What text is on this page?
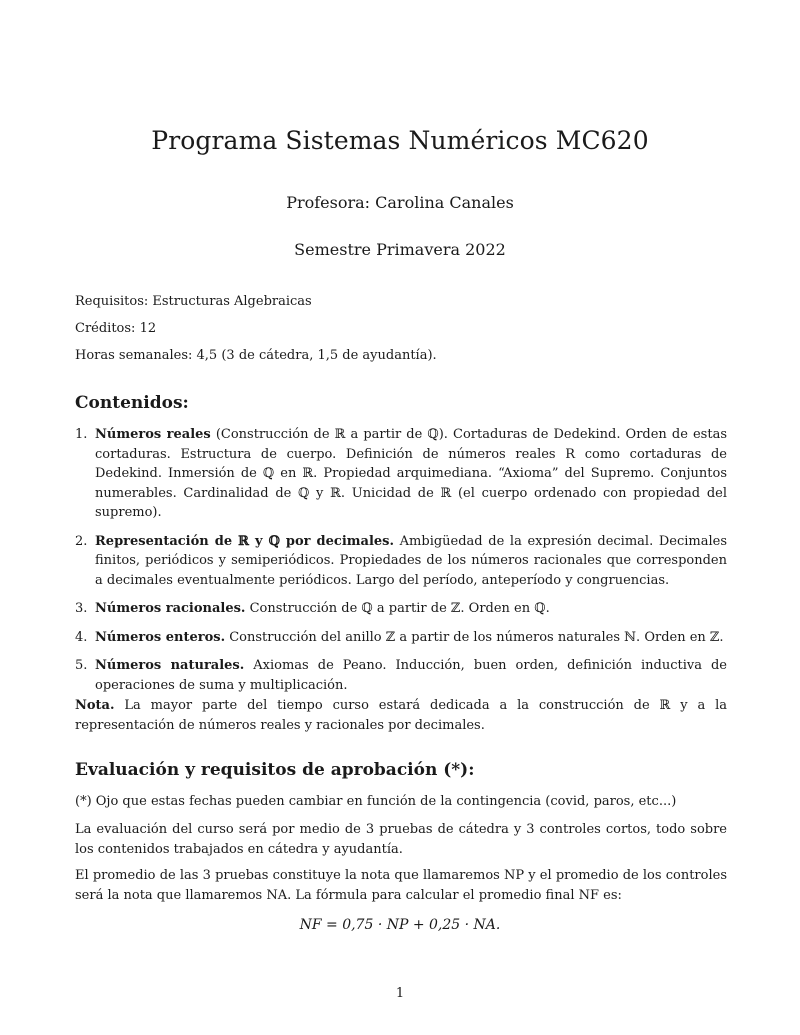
Programa Sistemas Numéricos MC620

Profesora: Carolina Canales

Semestre Primavera 2022

Requisitos: Estructuras Algebraicas

Créditos: 12

Horas semanales: 4,5 (3 de cátedra, 1,5 de ayudantía).

Contenidos:
1. Números reales (Construcción de ℝ a partir de ℚ). Cortaduras de Dedekind. Orden de estas cortaduras. Estructura de cuerpo. Definición de números reales R como cortaduras de Dedekind. Inmersión de ℚ en ℝ. Propiedad arquimediana. “Axioma” del Supremo. Conjuntos numerables. Cardinalidad de ℚ y ℝ. Unicidad de ℝ (el cuerpo ordenado con propiedad del supremo).
2. Representación de ℝ y ℚ por decimales. Ambigüedad de la expresión decimal. Decimales finitos, periódicos y semiperiódicos. Propiedades de los números racionales que corresponden a decimales eventualmente periódicos. Largo del período, anteperíodo y congruencias.
3. Números racionales. Construcción de ℚ a partir de ℤ. Orden en ℚ.
4. Números enteros. Construcción del anillo ℤ a partir de los números naturales ℕ. Orden en ℤ.
5. Números naturales. Axiomas de Peano. Inducción, buen orden, definición inductiva de operaciones de suma y multiplicación.

Nota. La mayor parte del tiempo curso estará dedicada a la construcción de ℝ y a la representación de números reales y racionales por decimales.

Evaluación y requisitos de aprobación (*):

(*) Ojo que estas fechas pueden cambiar en función de la contingencia (covid, paros, etc...)

La evaluación del curso será por medio de 3 pruebas de cátedra y 3 controles cortos, todo sobre los contenidos trabajados en cátedra y ayudantía.

El promedio de las 3 pruebas constituye la nota que llamaremos NP y el promedio de los controles será la nota que llamaremos NA. La fórmula para calcular el promedio final NF es:

NF = 0,75 · NP + 0,25 · NA.

1
